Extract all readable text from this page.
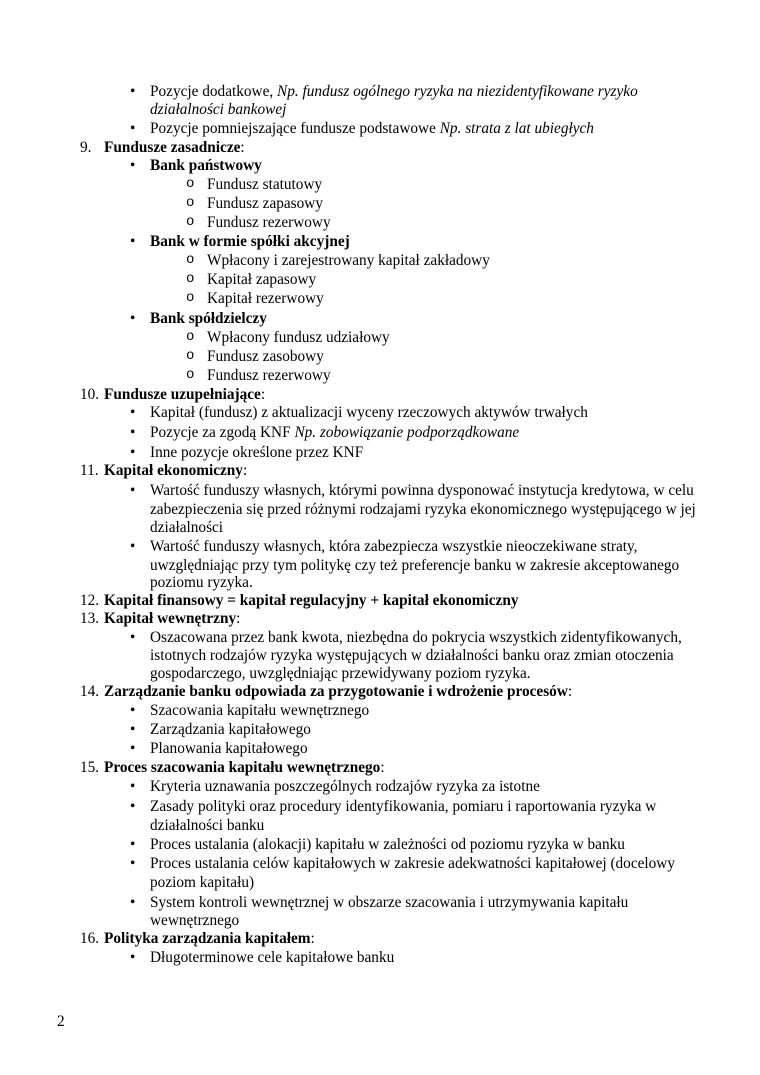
• Pozycje dodatkowe, Np. fundusz ogólnego ryzyka na niezidentyfikowane ryzyko
działalności bankowej
• Pozycje pomniejszające fundusze podstawowe Np. strata z lat ubiegłych
9. Fundusze zasadnicze:
• Bank państwowy
o Fundusz statutowy
o Fundusz zapasowy
o Fundusz rezerwowy
• Bank w formie spółki akcyjnej
o Wpłacony i zarejestrowany kapitał zakładowy
o Kapitał zapasowy
o Kapitał rezerwowy
• Bank spółdzielczy
o Wpłacony fundusz udziałowy
o Fundusz zasobowy
o Fundusz rezerwowy
10. Fundusze uzupełniające:
• Kapitał (fundusz) z aktualizacji wyceny rzeczowych aktywów trwałych
• Pozycje za zgodą KNF Np. zobowiązanie podporządkowane
• Inne pozycje określone przez KNF
11. Kapitał ekonomiczny:
• Wartość funduszy własnych, którymi powinna dysponować instytucja kredytowa, w celu
zabezpieczenia się przed różnymi rodzajami ryzyka ekonomicznego występującego w jej
działalności
• Wartość funduszy własnych, która zabezpiecza wszystkie nieoczekiwane straty,
uwzględniając przy tym politykę czy też preferencje banku w zakresie akceptowanego
poziomu ryzyka.
12. Kapitał finansowy = kapitał regulacyjny + kapitał ekonomiczny
13. Kapitał wewnętrzny:
• Oszacowana przez bank kwota, niezbędna do pokrycia wszystkich zidentyfikowanych,
istotnych rodzajów ryzyka występujących w działalności banku oraz zmian otoczenia
gospodarczego, uwzględniając przewidywany poziom ryzyka.
14. Zarządzanie banku odpowiada za przygotowanie i wdrożenie procesów:
• Szacowania kapitału wewnętrznego
• Zarządzania kapitałowego
• Planowania kapitałowego
15. Proces szacowania kapitału wewnętrznego:
• Kryteria uznawania poszczególnych rodzajów ryzyka za istotne
• Zasady polityki oraz procedury identyfikowania, pomiaru i raportowania ryzyka w
działalności banku
• Proces ustalania (alokacji) kapitału w zależności od poziomu ryzyka w banku
• Proces ustalania celów kapitałowych w zakresie adekwatności kapitałowej (docelowy
poziom kapitału)
• System kontroli wewnętrznej w obszarze szacowania i utrzymywania kapitału
wewnętrznego
16. Polityka zarządzania kapitałem:
• Długoterminowe cele kapitałowe banku
2
